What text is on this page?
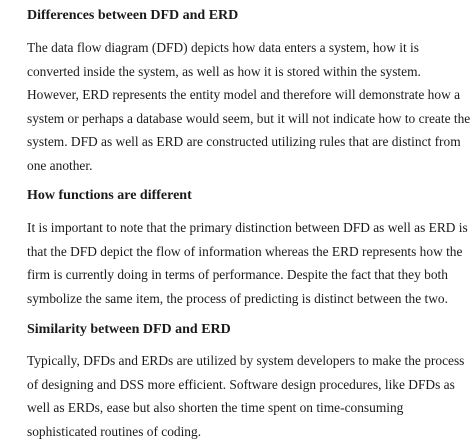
Differences between DFD and ERD

The data flow diagram (DFD) depicts how data enters a system, how it is
converted inside the system, as well as how it is stored within the system.
However, ERD represents the entity model and therefore will demonstrate how a
system or perhaps a database would seem, but it will not indicate how to create the
system. DFD as well as ERD are constructed utilizing rules that are distinct from
one another.

How functions are different

It is important to note that the primary distinction between DFD as well as ERD is
that the DFD depict the flow of information whereas the ERD represents how the
firm is currently doing in terms of performance. Despite the fact that they both
symbolize the same item, the process of predicting is distinct between the two.

Similarity between DFD and ERD

Typically, DFDs and ERDs are utilized by system developers to make the process
of designing and DSS more efficient. Software design procedures, like DFDs as
well as ERDs, ease but also shorten the time spent on time-consuming
sophisticated routines of coding.
